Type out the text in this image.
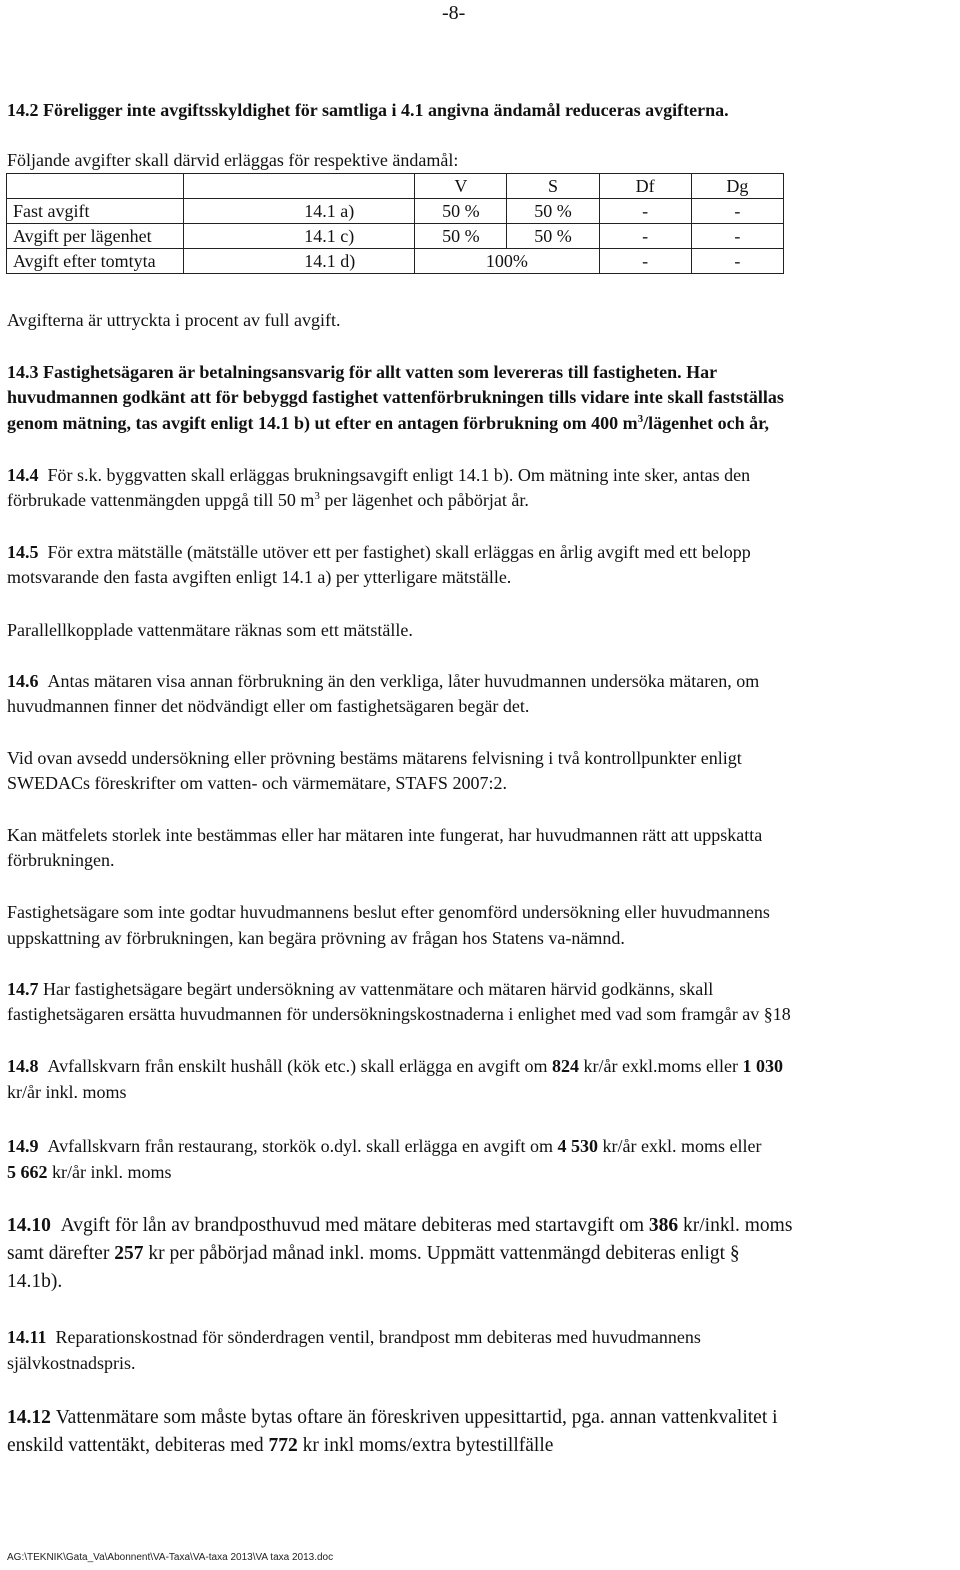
-8-
14.2 Föreligger inte avgiftsskyldighet för samtliga i 4.1 angivna ändamål reduceras avgifterna.
Följande avgifter skall därvid erläggas för respektive ändamål:
		V	S	Df	Dg
Fast avgift	14.1 a)	50 %	50 %	-	-
Avgift per lägenhet	14.1 c)	50 %	50 %	-	-
Avgift efter tomtyta	14.1 d)	100%		-	-
Avgifterna är uttryckta i procent av full avgift.
14.3 Fastighetsägaren är betalningsansvarig för allt vatten som levereras till fastigheten. Har
huvudmannen godkänt att för bebyggd fastighet vattenförbrukningen tills vidare inte skall fastställas
genom mätning, tas avgift enligt 14.1 b) ut efter en antagen förbrukning om 400 $m^3$/lägenhet och år,
14.4 För s.k. byggvatten skall erläggas brukningsavgift enligt 14.1 b). Om mätning inte sker, antas den
förbrukade vattenmängden uppgå till 50 $m^3$ per lägenhet och påbörjat år.
14.5 För extra mätställe (mätställe utöver ett per fastighet) skall erläggas en årlig avgift med ett belopp
motsvarande den fasta avgiften enligt 14.1 a) per ytterligare mätställe.
Parallellkopplade vattenmätare räknas som ett mätställe.
14.6 Antas mätaren visa annan förbrukning än den verkliga, låter huvudmannen undersöka mätaren, om
huvudmannen finner det nödvändigt eller om fastighetsägaren begär det.
Vid ovan avsedd undersökning eller prövning bestäms mätarens felvisning i två kontrollpunkter enligt
SWEDACs föreskrifter om vatten- och värmemätare, STAFS 2007:2.
Kan mätfelets storlek inte bestämmas eller har mätaren inte fungerat, har huvudmannen rätt att uppskatta
förbrukningen.
Fastighetsägare som inte godtar huvudmannens beslut efter genomförd undersökning eller huvudmannens
uppskattning av förbrukningen, kan begära prövning av frågan hos Statens va-nämnd.
14.7 Har fastighetsägare begärt undersökning av vattenmätare och mätaren härvid godkänns, skall
fastighetsägaren ersätta huvudmannen för undersökningskostnaderna i enlighet med vad som framgår av §18
14.8 Avfallskvarn från enskilt hushåll (kök etc.) skall erlägga en avgift om 824 kr/år exkl.moms eller 1 030
kr/år inkl. moms
14.9 Avfallskvarn från restaurang, storkök o.dyl. skall erlägga en avgift om 4 530 kr/år exkl. moms eller
5 662 kr/år inkl. moms
14.10 Avgift för lån av brandposthuvud med mätare debiteras med startavgift om 386 kr/inkl. moms
samt därefter 257 kr per påbörjad månad inkl. moms. Uppmätt vattenmängd debiteras enligt §
14.1b).
14.11 Reparationskostnad för sönderdragen ventil, brandpost mm debiteras med huvudmannens
självkostnadspris.
14.12 Vattenmätare som måste bytas oftare än föreskriven uppesittartid, pga. annan vattenkvalitet i
enskild vattentäkt, debiteras med 772 kr inkl moms/extra bytestillfälle
AG:\TEKNIK\Gata_Va\Abonnent\VA-Taxa\VA-taxa 2013\VA taxa 2013.doc
